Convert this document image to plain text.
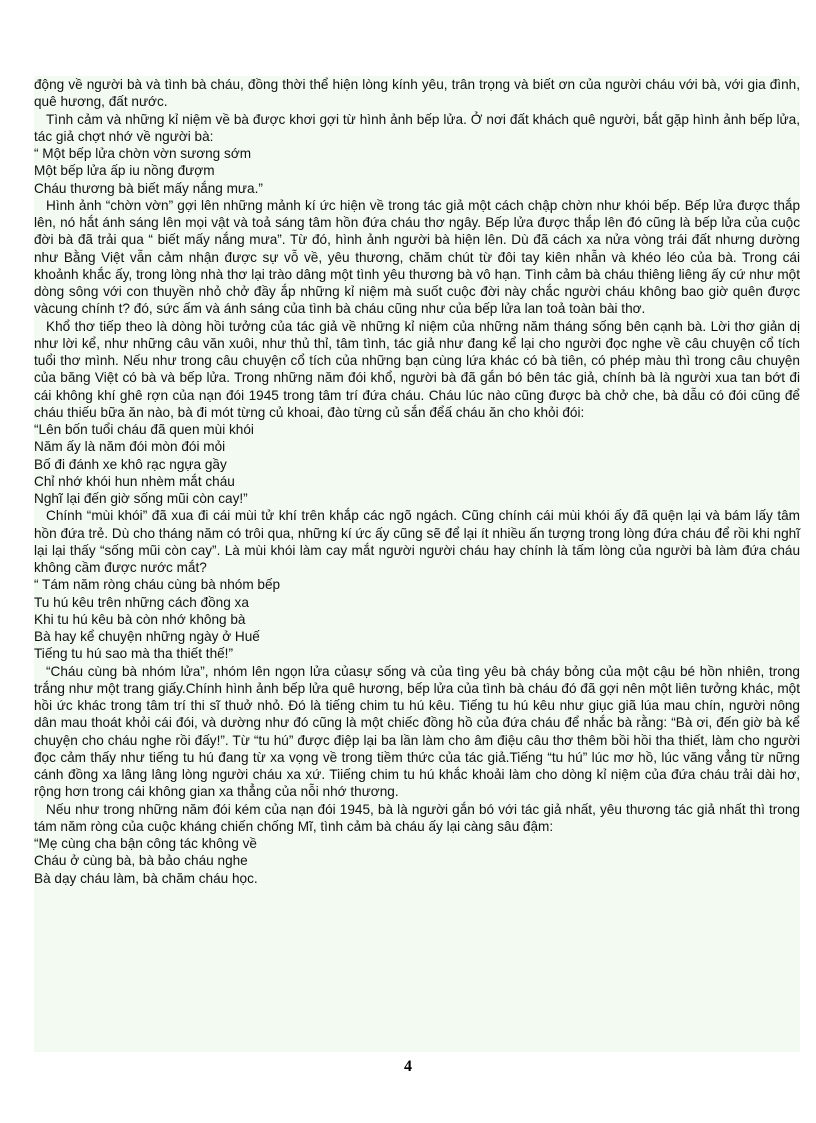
động về người bà và tình bà cháu, đồng thời thể hiện lòng kính yêu, trân trọng và biết ơn của người cháu với bà, với gia đình, quê hương, đất nước.

Tình cảm và những kỉ niệm về bà được khơi gợi từ hình ảnh bếp lửa. Ở nơi đất khách quê người, bắt gặp hình ảnh bếp lửa, tác giả chợt nhớ về người bà:

“ Một bếp lửa chờn vờn sương sớm

Một bếp lửa ấp iu nồng đượm

Cháu thương bà biết mấy nắng mưa.”

Hình ảnh “chờn vờn” gợi lên những mảnh kí ức hiện về trong tác giả một cách chập chờn như khói bếp. Bếp lửa được thắp lên, nó hắt ánh sáng lên mọi vật và toả sáng tâm hồn đứa cháu thơ ngây. Bếp lửa được thắp lên đó cũng là bếp lửa của cuộc đời bà đã trải qua “ biết mấy nắng mưa”. Từ đó, hình ảnh người bà hiện lên. Dù đã cách xa nửa vòng trái đất nhưng dường như Bằng Việt vẫn cảm nhận được sự vỗ về, yêu thương, chăm chút từ đôi tay kiên nhẫn và khéo léo của bà. Trong cái khoảnh khắc ấy, trong lòng nhà thơ lại trào dâng một tình yêu thương bà vô hạn. Tình cảm bà cháu thiêng liêng ấy cứ như một dòng sông với con thuyền nhỏ chở đầy ắp những kỉ niệm mà suốt cuộc đời này chắc người cháu không bao giờ quên được vàcung chính t? đó, sức ấm và ánh sáng của tình bà cháu cũng như của bếp lửa lan toả toàn bài thơ.

Khổ thơ tiếp theo là dòng hồi tưởng của tác giả về những kỉ niệm của những năm tháng sống bên cạnh bà. Lời thơ giản dị như lời kể, như những câu văn xuôi, như thủ thỉ, tâm tình, tác giả như đang kể lại cho người đọc nghe về câu chuyện cổ tích tuổi thơ mình. Nếu như trong câu chuyện cổ tích của những bạn cùng lứa khác có bà tiên, có phép màu thì trong câu chuyện của băng Việt có bà và bếp lửa. Trong những năm đói khổ, người bà đã gắn bó bên tác giả, chính bà là người xua tan bớt đi cái không khí ghê rợn của nạn đói 1945 trong tâm trí đứa cháu. Cháu lúc nào cũng được bà chở che, bà dẫu có đói cũng để cháu thiếu bữa ăn nào, bà đi mót từng củ khoai, đào từng củ sắn đểấ cháu ăn cho khỏi đói:

“Lên bốn tuổi cháu đã quen mùi khói

Năm ấy là năm đói mòn đói mỏi

Bố đi đánh xe khô rạc ngựa gầy

Chỉ nhớ khói hun nhèm mắt cháu

Nghĩ lại đến giờ sống mũi còn cay!”

Chính “mùi khói” đã xua đi cái mùi tử khí trên khắp các ngõ ngách. Cũng chính cái mùi khói ấy đã quện lại và bám lấy tâm hồn đứa trẻ. Dù cho tháng năm có trôi qua, những kí ức ấy cũng sẽ để lại ít nhiều ấn tượng trong lòng đứa cháu để rồi khi nghĩ lại lại thấy “sống mũi còn cay”. Là mùi khói làm cay mắt người người cháu hay chính là tấm lòng của người bà làm đứa cháu không cầm được nước mắt?

“ Tám năm ròng cháu cùng bà nhóm bếp

Tu hú kêu trên những cách đồng xa

Khi tu hú kêu bà còn nhớ không bà

Bà hay kể chuyện những ngày ở Huế

Tiếng tu hú sao mà tha thiết thế!”

“Cháu cùng bà nhóm lửa”, nhóm lên ngọn lửa củasự sống và của tìng yêu bà cháy bỏng của một cậu bé hồn nhiên, trong trắng như một trang giấy.Chính hình ảnh bếp lửa quê hương, bếp lửa của tình bà cháu đó đã gợi nên một liên tưởng khác, một hồi ức khác trong tâm trí thi sĩ thuở nhỏ. Đó là tiếng chim tu hú kêu. Tiếng tu hú kêu như giục giã lúa mau chín, người nông dân mau thoát khỏi cái đói, và dường như đó cũng là một chiếc đồng hồ của đứa cháu để nhắc bà rằng: “Bà ơi, đến giờ bà kể chuyện cho cháu nghe rồi đấy!”. Từ “tu hú” được điệp lại ba lần làm cho âm điệu câu thơ thêm bồi hồi tha thiết, làm cho người đọc cảm thấy như tiếng tu hú đang từ xa vọng về trong tiềm thức của tác giả.Tiếng “tu hú” lúc mơ hồ, lúc văng vẳng từ nững cánh đồng xa lâng lâng lòng người cháu xa xứ. Tiiếng chim tu hú khắc khoải làm cho dòng kỉ niệm của đứa cháu trải dài hơ, rộng hơn trong cái không gian xa thẳng của nỗi nhớ thương.

Nếu như trong những năm đói kém của nạn đói 1945, bà là người gắn bó với tác giả nhất, yêu thương tác giả nhất thì trong tám năm ròng của cuộc kháng chiến chống Mĩ, tình cảm bà cháu ấy lại càng sâu đậm:

“Mẹ cùng cha bận công tác không về

Cháu ở cùng bà, bà bảo cháu nghe

Bà dạy cháu làm, bà chăm cháu học.

4
